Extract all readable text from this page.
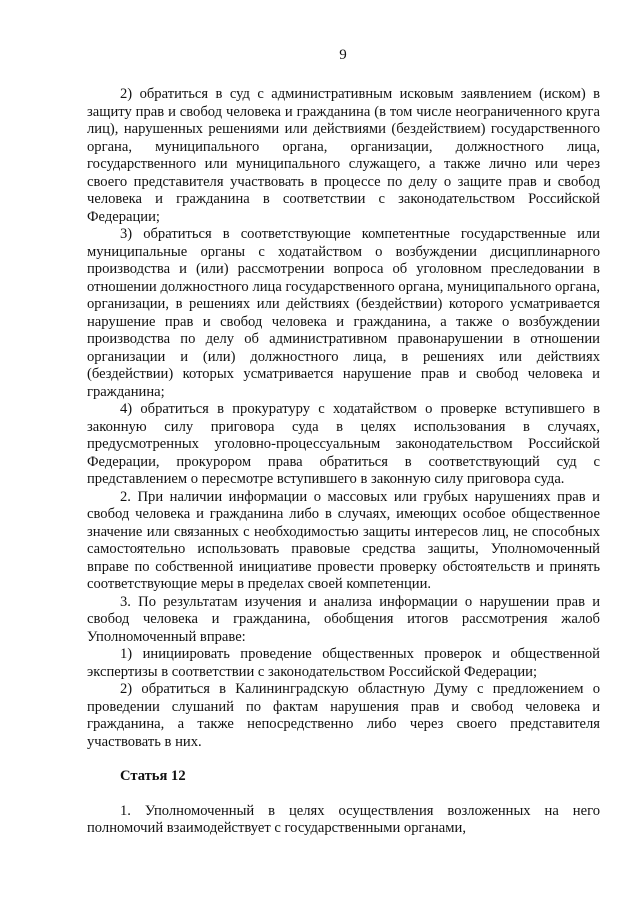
9

2) обратиться в суд с административным исковым заявлением (иском) в защиту прав и свобод человека и гражданина (в том числе неограниченного круга лиц), нарушенных решениями или действиями (бездействием) государственного органа, муниципального органа, организации, должностного лица, государственного или муниципального служащего, а также лично или через своего представителя участвовать в процессе по делу о защите прав и свобод человека и гражданина в соответствии с законодательством Российской Федерации;

3) обратиться в соответствующие компетентные государственные или муниципальные органы с ходатайством о возбуждении дисциплинарного производства и (или) рассмотрении вопроса об уголовном преследовании в отношении должностного лица государственного органа, муниципального органа, организации, в решениях или действиях (бездействии) которого усматривается нарушение прав и свобод человека и гражданина, а также о возбуждении производства по делу об административном правонарушении в отношении организации и (или) должностного лица, в решениях или действиях (бездействии) которых усматривается нарушение прав и свобод человека и гражданина;

4) обратиться в прокуратуру с ходатайством о проверке вступившего в законную силу приговора суда в целях использования в случаях, предусмотренных уголовно-процессуальным законодательством Российской Федерации, прокурором права обратиться в соответствующий суд с представлением о пересмотре вступившего в законную силу приговора суда.

2. При наличии информации о массовых или грубых нарушениях прав и свобод человека и гражданина либо в случаях, имеющих особое общественное значение или связанных с необходимостью защиты интересов лиц, не способных самостоятельно использовать правовые средства защиты, Уполномоченный вправе по собственной инициативе провести проверку обстоятельств и принять соответствующие меры в пределах своей компетенции.

3. По результатам изучения и анализа информации о нарушении прав и свобод человека и гражданина, обобщения итогов рассмотрения жалоб Уполномоченный вправе:

1) инициировать проведение общественных проверок и общественной экспертизы в соответствии с законодательством Российской Федерации;

2) обратиться в Калининградскую областную Думу с предложением о проведении слушаний по фактам нарушения прав и свобод человека и гражданина, а также непосредственно либо через своего представителя участвовать в них.

Статья 12

1. Уполномоченный в целях осуществления возложенных на него полномочий взаимодействует с государственными органами,
